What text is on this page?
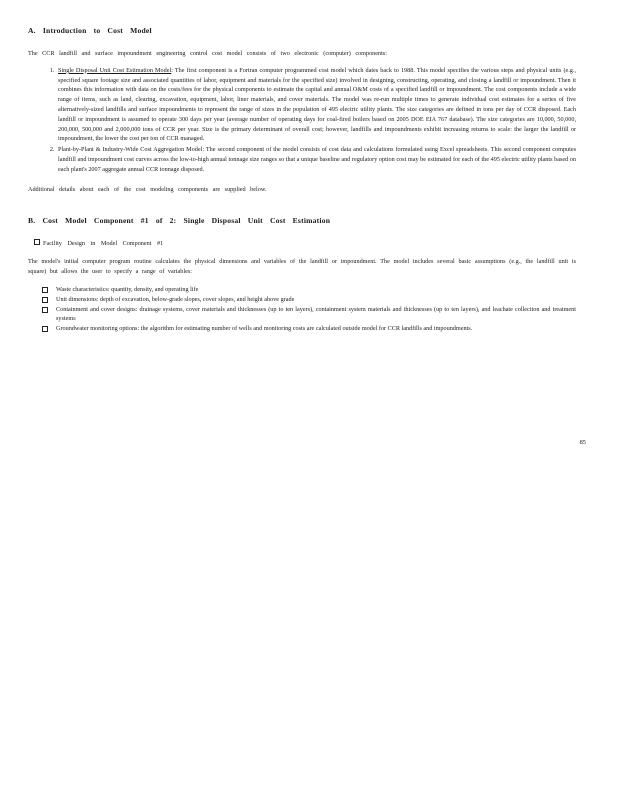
A. Introduction to Cost Model

The CCR landfill and surface impoundment engineering control cost model consists of two electronic (computer) components:

1. Single Disposal Unit Cost Estimation Model: The first component is a Fortran computer programmed cost model which dates back to 1988. This model specifies the various steps and physical units (e.g., specified square footage size and associated quantities of labor, equipment and materials for the specified size) involved in designing, constructing, operating, and closing a landfill or impoundment. Then it combines this information with data on the costs/fees for the physical components to estimate the capital and annual O&M costs of a specified landfill or impoundment. The cost components include a wide range of items, such as land, clearing, excavation, equipment, labor, liner materials, and cover materials. The model was re-run multiple times to generate individual cost estimates for a series of five alternatively-sized landfills and surface impoundments to represent the range of sizes in the population of 495 electric utility plants. The size categories are defined in tons per day of CCR disposed. Each landfill or impoundment is assumed to operate 300 days per year (average number of operating days for coal-fired boilers based on 2005 DOE EIA 767 database). The size categories are 10,000, 50,000, 200,000, 500,000 and 2,000,000 tons of CCR per year. Size is the primary determinant of overall cost; however, landfills and impoundments exhibit increasing returns to scale: the larger the landfill or impoundment, the lower the cost per ton of CCR managed.
2. Plant-by-Plant & Industry-Wide Cost Aggregation Model: The second component of the model consists of cost data and calculations formulated using Excel spreadsheets. This second component computes landfill and impoundment cost curves across the low-to-high annual tonnage size ranges so that a unique baseline and regulatory option cost may be estimated for each of the 495 electric utility plants based on each plant's 2007 aggregate annual CCR tonnage disposed.

Additional details about each of the cost modeling components are supplied below.

B. Cost Model Component #1 of 2: Single Disposal Unit Cost Estimation
Facility Design in Model Component #1

The model's initial computer program routine calculates the physical dimensions and variables of the landfill or impoundment. The model includes several basic assumptions (e.g., the landfill unit is square) but allows the user to specify a range of variables:

Waste characteristics: quantity, density, and operating life
Unit dimensions: depth of excavation, below-grade slopes, cover slopes, and height above grade
Containment and cover designs: drainage systems, cover materials and thicknesses (up to ten layers), containment system materials and thicknesses (up to ten layers), and leachate collection and treatment systems
Groundwater monitoring options: the algorithm for estimating number of wells and monitoring costs are calculated outside model for CCR landfills and impoundments.
85
